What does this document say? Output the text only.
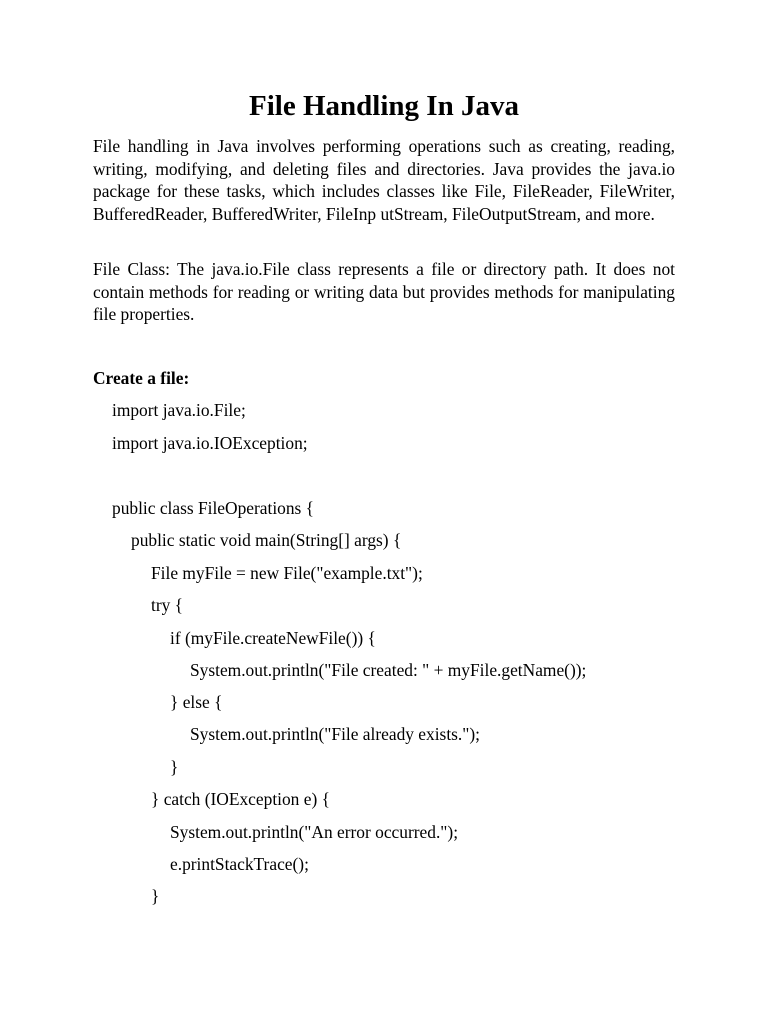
File Handling In Java

File handling in Java involves performing operations such as creating, reading, writing, modifying, and deleting files and directories. Java provides the java.io package for these tasks, which includes classes like File, FileReader, FileWriter, BufferedReader, BufferedWriter, FileInp utStream, FileOutputStream, and more.

File Class: The java.io.File class represents a file or directory path. It does not contain methods for reading or writing data but provides methods for manipulating file properties.

Create a file:

import java.io.File;

import java.io.IOException;

public class FileOperations {

public static void main(String[] args) {

File myFile = new File("example.txt");

try {

if (myFile.createNewFile()) {

System.out.println("File created: " + myFile.getName());

} else {

System.out.println("File already exists.");

}

} catch (IOException e) {

System.out.println("An error occurred.");

e.printStackTrace();

}
